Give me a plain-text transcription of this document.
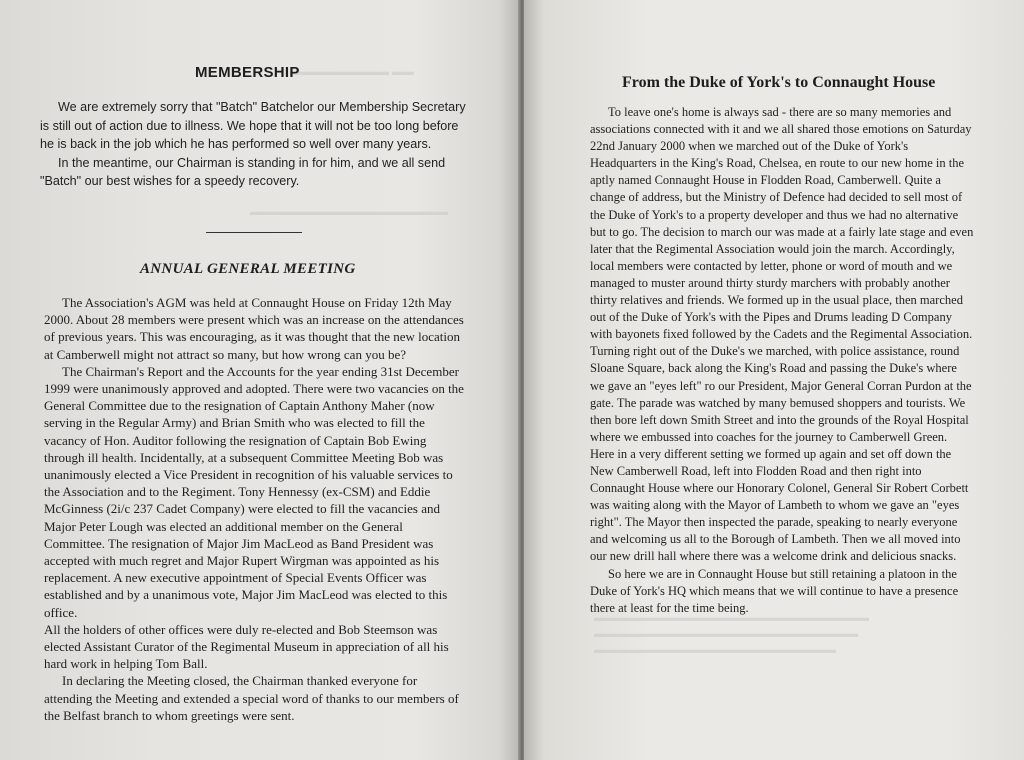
▬▬▬▬▬▬▬▬▬ ▬▬
▬▬▬▬▬▬▬▬▬▬▬▬▬▬▬▬▬▬
MEMBERSHIP

We are extremely sorry that "Batch" Batchelor our Membership Secretary is still out of action due to illness. We hope that it will not be too long before he is back in the job which he has performed so well over many years.

In the meantime, our Chairman is standing in for him, and we all send "Batch" our best wishes for a speedy recovery.

ANNUAL GENERAL MEETING

The Association's AGM was held at Connaught House on Friday 12th May 2000. About 28 members were present which was an increase on the attendances of previous years. This was encouraging, as it was thought that the new location at Camberwell might not attract so many, but how wrong can you be?

The Chairman's Report and the Accounts for the year ending 31st December 1999 were unanimously approved and adopted. There were two vacancies on the General Committee due to the resignation of Captain Anthony Maher (now serving in the Regular Army) and Brian Smith who was elected to fill the vacancy of Hon. Auditor following the resignation of Captain Bob Ewing through ill health. Incidentally, at a subsequent Committee Meeting Bob was unanimously elected a Vice President in recognition of his valuable services to the Association and to the Regiment. Tony Hennessy (ex-CSM) and Eddie McGinness (2i/c 237 Cadet Company) were elected to fill the vacancies and Major Peter Lough was elected an additional member on the General Committee. The resignation of Major Jim MacLeod as Band President was accepted with much regret and Major Rupert Wirgman was appointed as his replacement. A new executive appointment of Special Events Officer was established and by a unanimous vote, Major Jim MacLeod was elected to this office.

All the holders of other offices were duly re-elected and Bob Steemson was elected Assistant Curator of the Regimental Museum in appreciation of all his hard work in helping Tom Ball.

In declaring the Meeting closed, the Chairman thanked everyone for attending the Meeting and extended a special word of thanks to our members of the Belfast branch to whom greetings were sent.

▬▬▬▬▬▬▬▬▬▬▬▬▬▬▬▬▬▬▬▬▬▬▬▬▬
▬▬▬▬▬▬▬▬▬▬▬▬▬▬▬▬▬▬▬▬▬▬▬▬
▬▬▬▬▬▬▬▬▬▬▬▬▬▬▬▬▬▬▬▬▬▬
From the Duke of York's to Connaught House

To leave one's home is always sad - there are so many memories and associations connected with it and we all shared those emotions on Saturday 22nd January 2000 when we marched out of the Duke of York's Headquarters in the King's Road, Chelsea, en route to our new home in the aptly named Connaught House in Flodden Road, Camberwell. Quite a change of address, but the Ministry of Defence had decided to sell most of the Duke of York's to a property developer and thus we had no alternative but to go. The decision to march our was made at a fairly late stage and even later that the Regimental Association would join the march. Accordingly, local members were contacted by letter, phone or word of mouth and we managed to muster around thirty sturdy marchers with probably another thirty relatives and friends. We formed up in the usual place, then marched out of the Duke of York's with the Pipes and Drums leading D Company with bayonets fixed followed by the Cadets and the Regimental Association. Turning right out of the Duke's we marched, with police assistance, round Sloane Square, back along the King's Road and passing the Duke's where we gave an "eyes left" ro our President, Major General Corran Purdon at the gate. The parade was watched by many bemused shoppers and tourists. We then bore left down Smith Street and into the grounds of the Royal Hospital where we embussed into coaches for the journey to Camberwell Green. Here in a very different setting we formed up again and set off down the New Camberwell Road, left into Flodden Road and then right into Connaught House where our Honorary Colonel, General Sir Robert Corbett was waiting along with the Mayor of Lambeth to whom we gave an "eyes right". The Mayor then inspected the parade, speaking to nearly everyone and welcoming us all to the Borough of Lambeth. Then we all moved into our new drill hall where there was a welcome drink and delicious snacks.

So here we are in Connaught House but still retaining a platoon in the Duke of York's HQ which means that we will continue to have a presence there at least for the time being.
